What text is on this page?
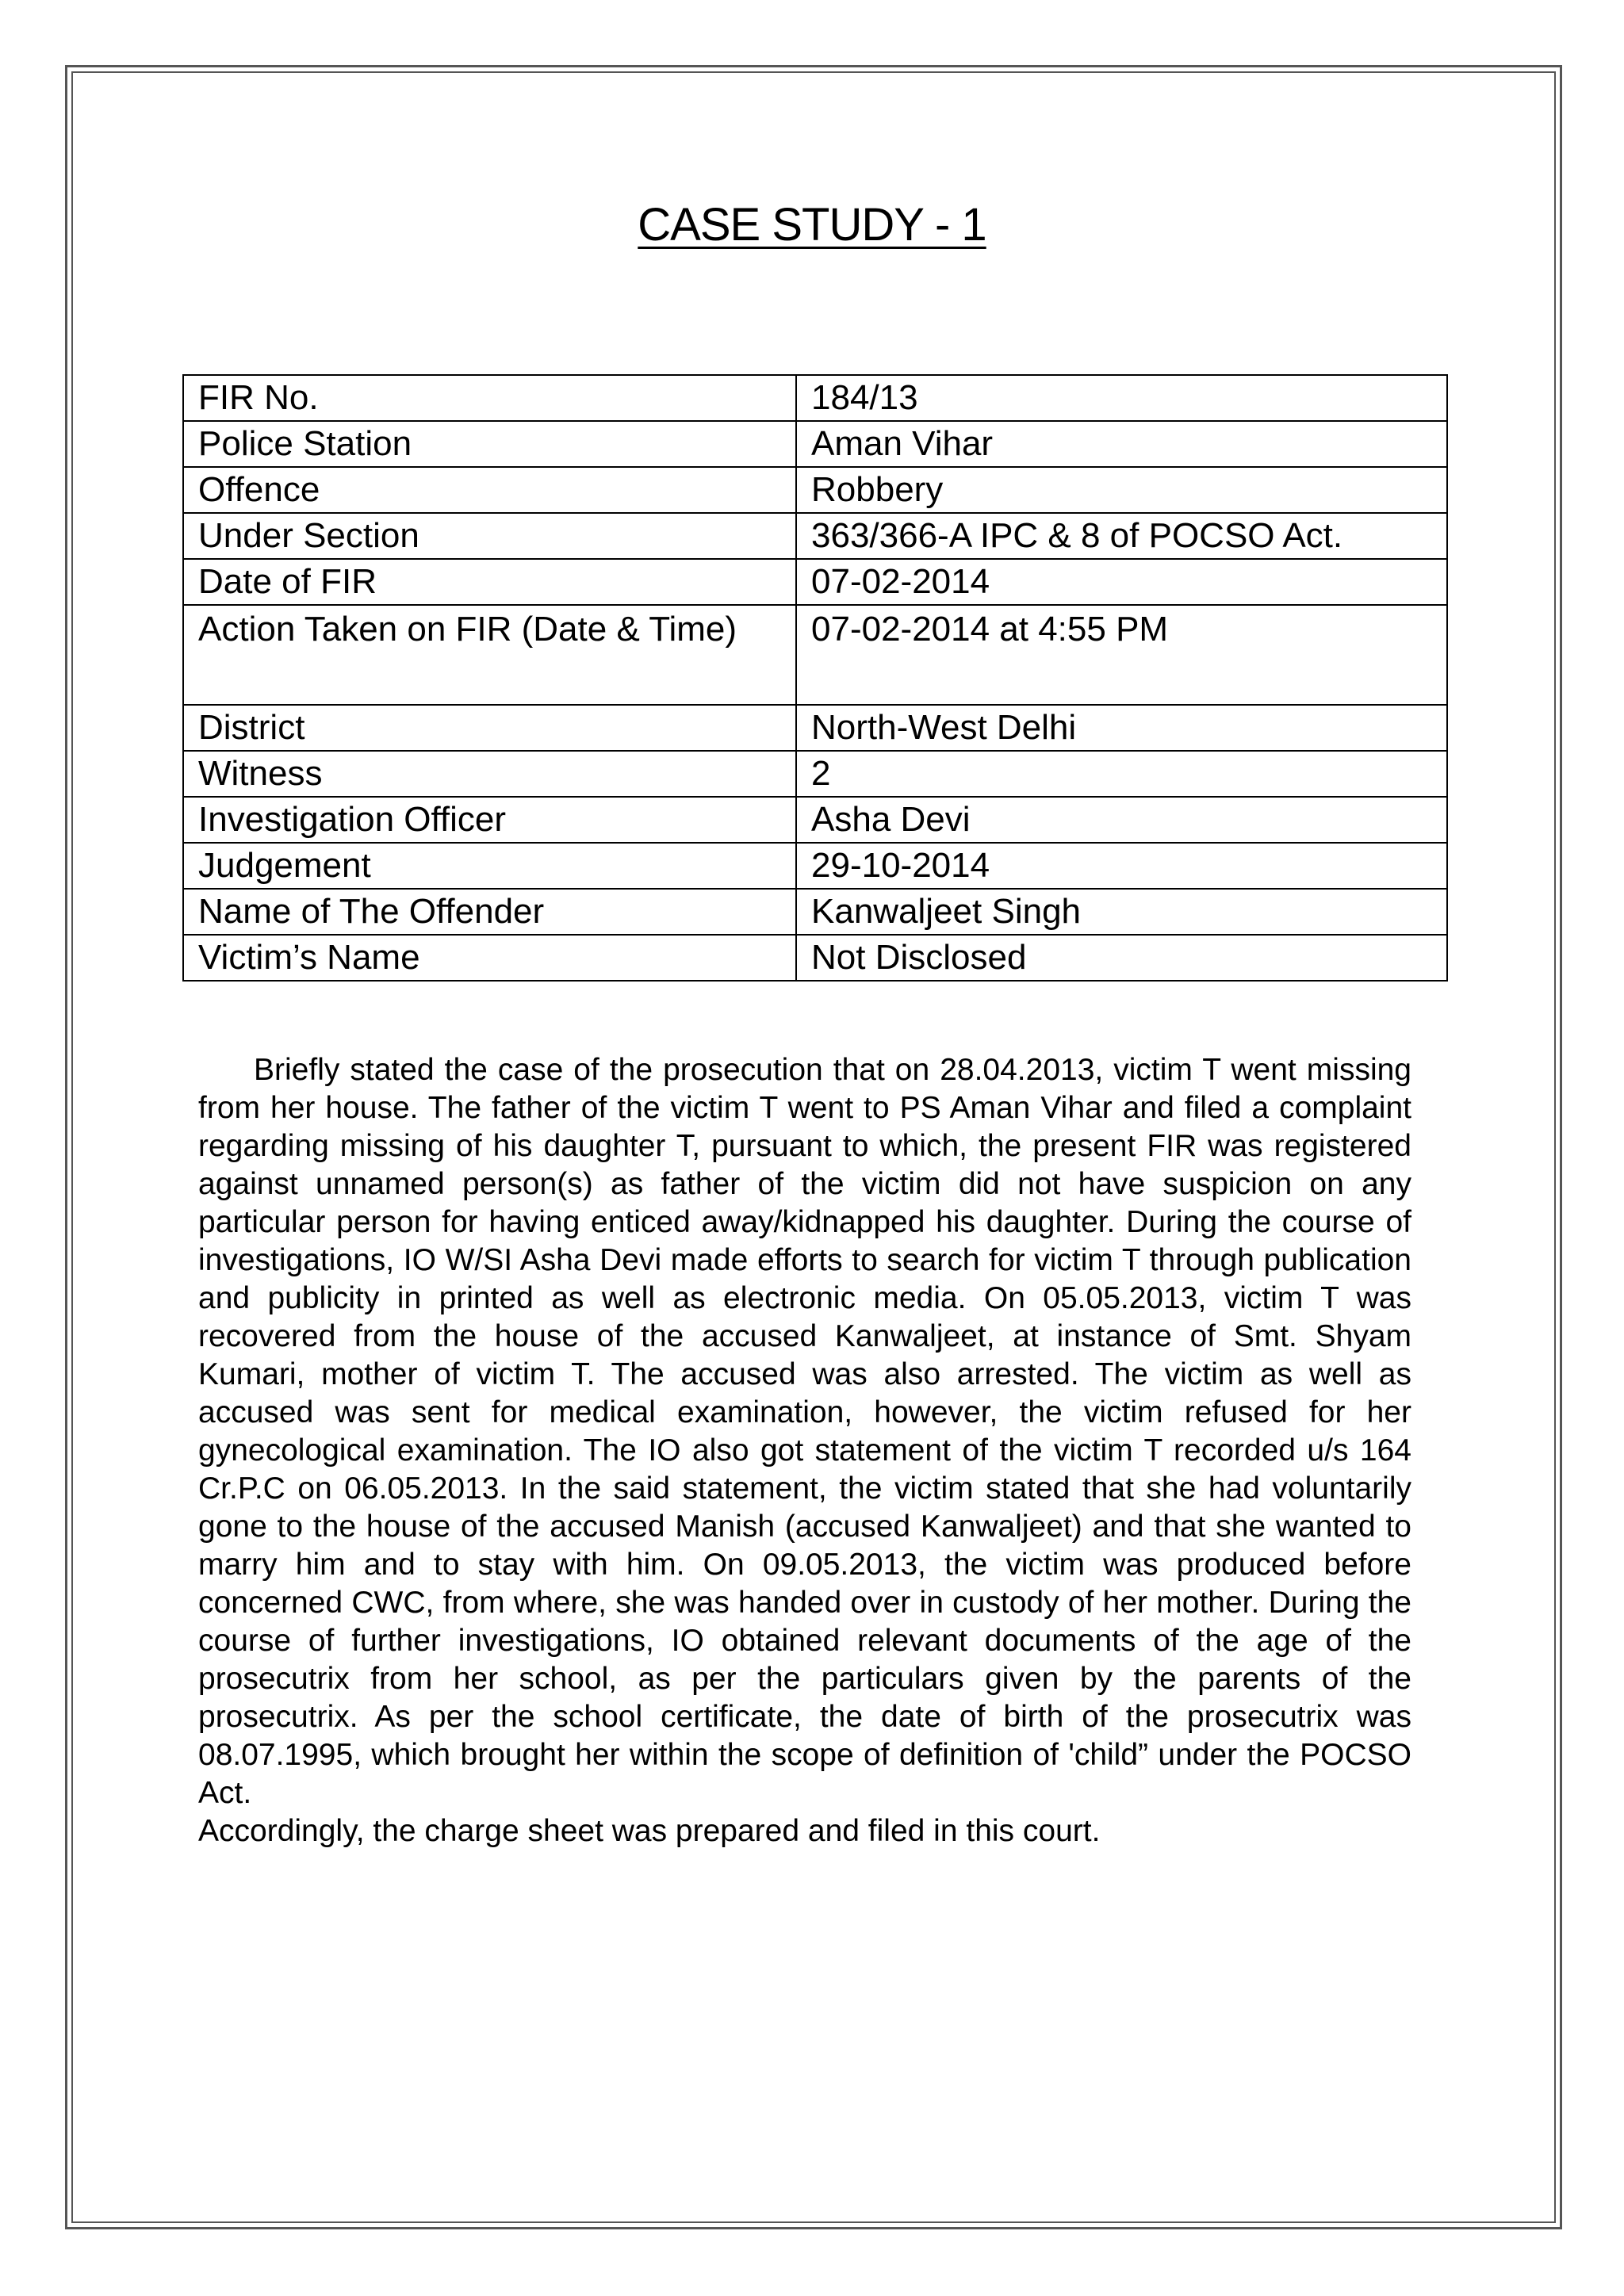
CASE STUDY - 1
FIR No.	184/13
Police Station	Aman Vihar
Offence	Robbery
Under Section	363/366-A IPC & 8 of POCSO Act.
Date of FIR	07-02-2014
Action Taken on FIR (Date & Time)	07-02-2014 at 4:55 PM
District	North-West Delhi
Witness	2
Investigation Officer	Asha Devi
Judgement	29-10-2014
Name of The Offender	Kanwaljeet Singh
Victim’s Name	Not Disclosed

Briefly stated the case of the prosecution that on 28.04.2013, victim T went missing from her house. The father of the victim T went to PS Aman Vihar and filed a complaint regarding missing of his daughter T, pursuant to which, the present FIR was registered against unnamed person(s) as father of the victim did not have suspicion on any particular person for having enticed away/kidnapped his daughter. During the course of investigations, IO W/SI Asha Devi made efforts to search for victim T through publication and publicity in printed as well as electronic media. On 05.05.2013, victim T was recovered from the house of the accused Kanwaljeet, at instance of Smt. Shyam Kumari, mother of victim T. The accused was also arrested. The victim as well as accused was sent for medical examination, however, the victim refused for her gynecological examination. The IO also got statement of the victim T recorded u/s 164 Cr.P.C on 06.05.2013. In the said statement, the victim stated that she had voluntarily gone to the house of the accused Manish (accused Kanwaljeet) and that she wanted to marry him and to stay with him. On 09.05.2013, the victim was produced before concerned CWC, from where, she was handed over in custody of her mother. During the course of further investigations, IO obtained relevant documents of the age of the prosecutrix from her school, as per the particulars given by the parents of the prosecutrix. As per the school certificate, the date of birth of the prosecutrix was 08.07.1995, which brought her within the scope of definition of 'child” under the POCSO Act.

Accordingly, the charge sheet was prepared and filed in this court.
